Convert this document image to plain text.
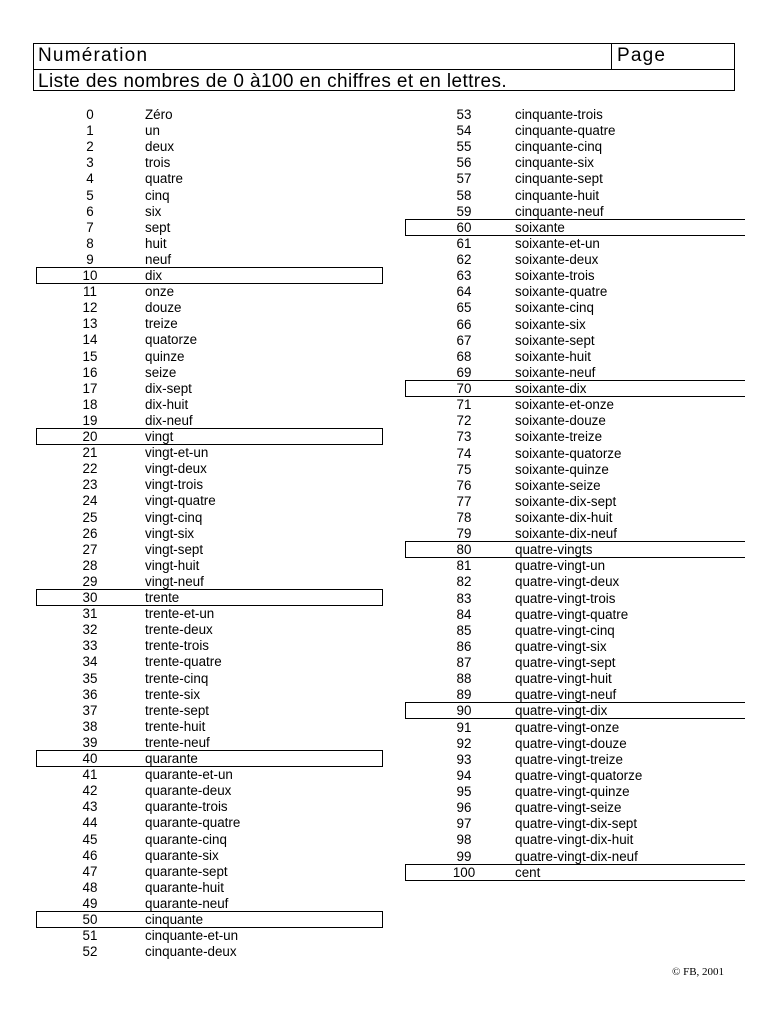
Numération	Page
Liste des nombres de 0 à100 en chiffres et en lettres.
0	Zéro
1	un
2	deux
3	trois
4	quatre
5	cinq
6	six
7	sept
8	huit
9	neuf
10	dix
11	onze
12	douze
13	treize
14	quatorze
15	quinze
16	seize
17	dix-sept
18	dix-huit
19	dix-neuf
20	vingt
21	vingt-et-un
22	vingt-deux
23	vingt-trois
24	vingt-quatre
25	vingt-cinq
26	vingt-six
27	vingt-sept
28	vingt-huit
29	vingt-neuf
30	trente
31	trente-et-un
32	trente-deux
33	trente-trois
34	trente-quatre
35	trente-cinq
36	trente-six
37	trente-sept
38	trente-huit
39	trente-neuf
40	quarante
41	quarante-et-un
42	quarante-deux
43	quarante-trois
44	quarante-quatre
45	quarante-cinq
46	quarante-six
47	quarante-sept
48	quarante-huit
49	quarante-neuf
50	cinquante
51	cinquante-et-un
52	cinquante-deux
53	cinquante-trois
54	cinquante-quatre
55	cinquante-cinq
56	cinquante-six
57	cinquante-sept
58	cinquante-huit
59	cinquante-neuf
60	soixante
61	soixante-et-un
62	soixante-deux
63	soixante-trois
64	soixante-quatre
65	soixante-cinq
66	soixante-six
67	soixante-sept
68	soixante-huit
69	soixante-neuf
70	soixante-dix
71	soixante-et-onze
72	soixante-douze
73	soixante-treize
74	soixante-quatorze
75	soixante-quinze
76	soixante-seize
77	soixante-dix-sept
78	soixante-dix-huit
79	soixante-dix-neuf
80	quatre-vingts
81	quatre-vingt-un
82	quatre-vingt-deux
83	quatre-vingt-trois
84	quatre-vingt-quatre
85	quatre-vingt-cinq
86	quatre-vingt-six
87	quatre-vingt-sept
88	quatre-vingt-huit
89	quatre-vingt-neuf
90	quatre-vingt-dix
91	quatre-vingt-onze
92	quatre-vingt-douze
93	quatre-vingt-treize
94	quatre-vingt-quatorze
95	quatre-vingt-quinze
96	quatre-vingt-seize
97	quatre-vingt-dix-sept
98	quatre-vingt-dix-huit
99	quatre-vingt-dix-neuf
100	cent
© FB, 2001
